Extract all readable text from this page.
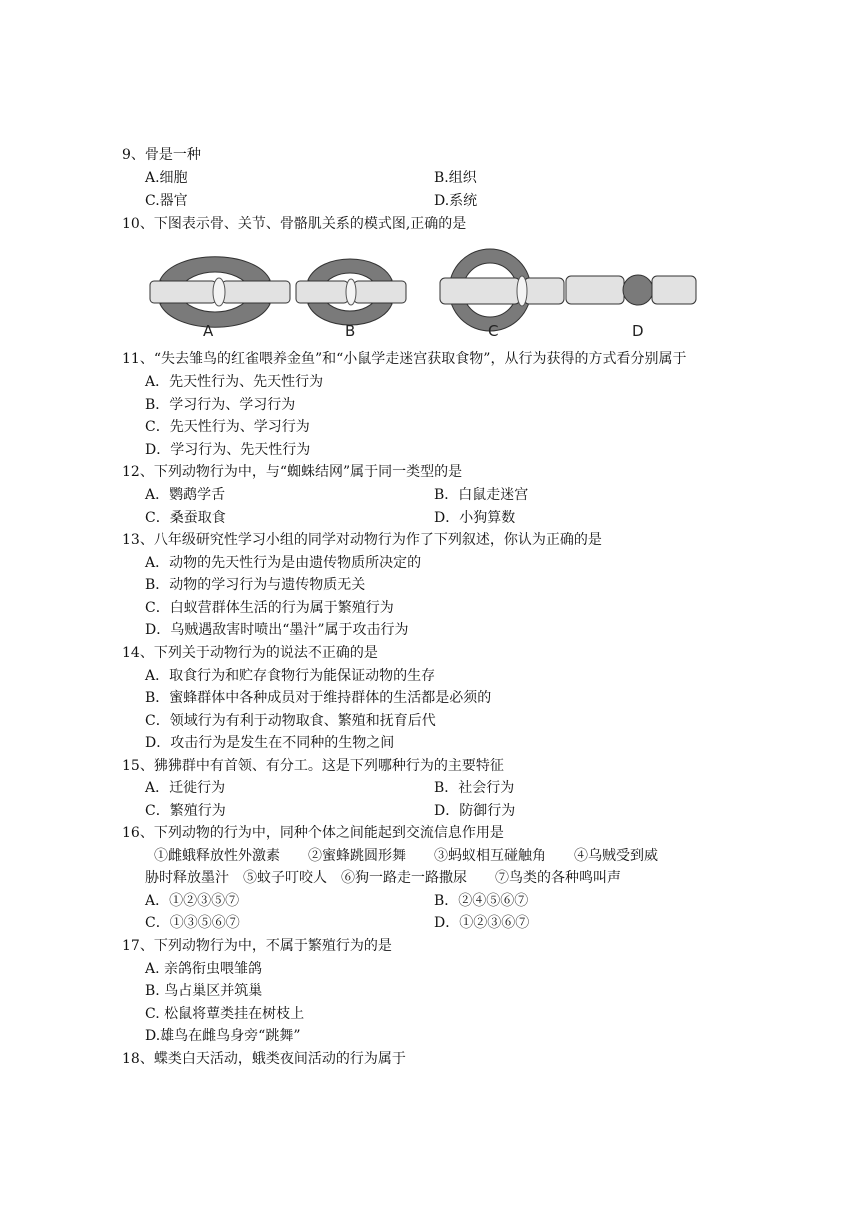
9、骨是一种
A.细胞	B.组织
C.器官	D.系统
10、下图表示骨、关节、骨骼肌关系的模式图,正确的是
A	B	C	D
11、“失去雏鸟的红雀喂养金鱼”和“小鼠学走迷宫获取食物”，从行为获得的方式看分别属于
A．先天性行为、先天性行为
B．学习行为、学习行为
C．先天性行为、学习行为
D．学习行为、先天性行为
12、下列动物行为中，与“蜘蛛结网”属于同一类型的是
A．鹦鹉学舌	B．白鼠走迷宫
C．桑蚕取食	D．小狗算数
13、八年级研究性学习小组的同学对动物行为作了下列叙述，你认为正确的是
A．动物的先天性行为是由遗传物质所决定的
B．动物的学习行为与遗传物质无关
C．白蚁营群体生活的行为属于繁殖行为
D．乌贼遇敌害时喷出“墨汁”属于攻击行为
14、下列关于动物行为的说法不正确的是
A．取食行为和贮存食物行为能保证动物的生存
B．蜜蜂群体中各种成员对于维持群体的生活都是必须的
C．领域行为有利于动物取食、繁殖和抚育后代
D．攻击行为是发生在不同种的生物之间
15、狒狒群中有首领、有分工。这是下列哪种行为的主要特征
A．迁徙行为	B．社会行为
C．繁殖行为	D．防御行为
16、下列动物的行为中，同种个体之间能起到交流信息作用是
①雌蛾释放性外激素　　②蜜蜂跳圆形舞　　③蚂蚁相互碰触角　　④乌贼受到威
胁时释放墨汁　⑤蚊子叮咬人　⑥狗一路走一路撒尿　　⑦鸟类的各种鸣叫声
A．①②③⑤⑦	B．②④⑤⑥⑦
C．①③⑤⑥⑦	D．①②③⑥⑦
17、下列动物行为中，不属于繁殖行为的是
A. 亲鸽衔虫喂雏鸽
B. 鸟占巢区并筑巢
C. 松鼠将蕈类挂在树枝上
D.雄鸟在雌鸟身旁“跳舞”
18、蝶类白天活动，蛾类夜间活动的行为属于
